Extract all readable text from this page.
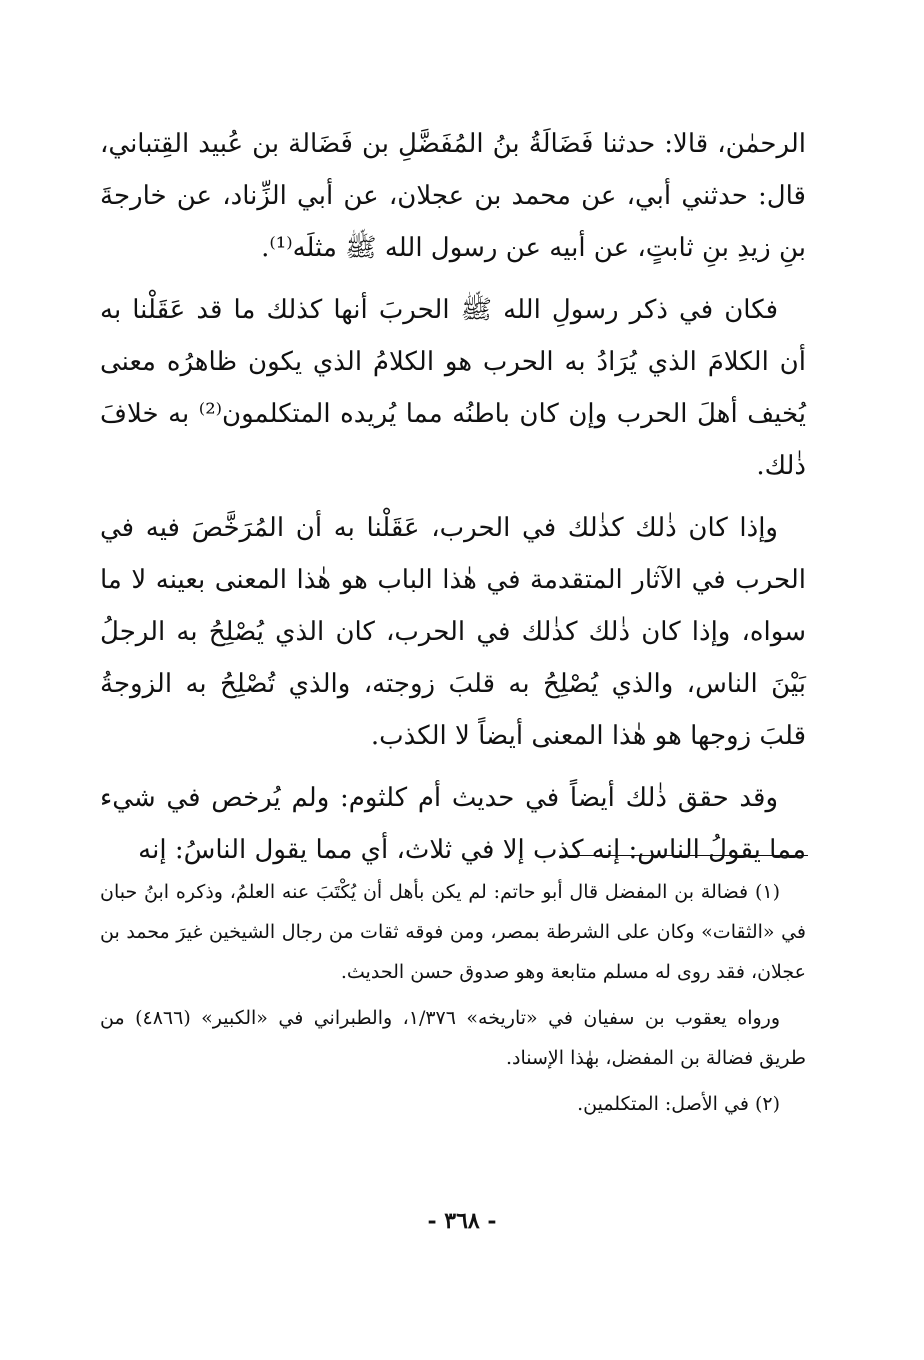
الرحمٰن، قالا: حدثنا فَضَالَةُ بنُ المُفَضَّلِ بن فَضَالة بن عُبيد القِتباني، قال: حدثني أبي، عن محمد بن عجلان، عن أبي الزِّناد، عن خارجةَ بنِ زيدِ بنِ ثابتٍ، عن أبيه عن رسول الله ﷺ مثلَه⁽¹⁾.

فكان في ذكر رسولِ الله ﷺ الحربَ أنها كذلك ما قد عَقَلْنا به أن الكلامَ الذي يُرَادُ به الحرب هو الكلامُ الذي يكون ظاهرُه معنى يُخيف أهلَ الحرب وإن كان باطنُه مما يُريده المتكلمون⁽²⁾ به خلافَ ذٰلك.

وإذا كان ذٰلك كذٰلك في الحرب، عَقَلْنا به أن المُرَخَّصَ فيه في الحرب في الآثار المتقدمة في هٰذا الباب هو هٰذا المعنى بعينه لا ما سواه، وإذا كان ذٰلك كذٰلك في الحرب، كان الذي يُصْلِحُ به الرجلُ بَيْنَ الناس، والذي يُصْلِحُ به قلبَ زوجته، والذي تُصْلِحُ به الزوجةُ قلبَ زوجها هو هٰذا المعنى أيضاً لا الكذب.

وقد حقق ذٰلك أيضاً في حديث أم كلثوم: ولم يُرخص في شيء مما يقولُ الناس: إنه كذب إلا في ثلاث، أي مما يقول الناسُ: إنه

(١) فضالة بن المفضل قال أبو حاتم: لم يكن بأهل أن يُكْتَبَ عنه العلمُ، وذكره ابنُ حبان في «الثقات» وكان على الشرطة بمصر، ومن فوقه ثقات من رجال الشيخين غيرَ محمد بن عجلان، فقد روى له مسلم متابعة وهو صدوق حسن الحديث.

ورواه يعقوب بن سفيان في «تاريخه» ١/٣٧٦، والطبراني في «الكبير» (٤٨٦٦) من طريق فضالة بن المفضل، بهٰذا الإسناد.

(٢) في الأصل: المتكلمين.

- ٣٦٨ -
